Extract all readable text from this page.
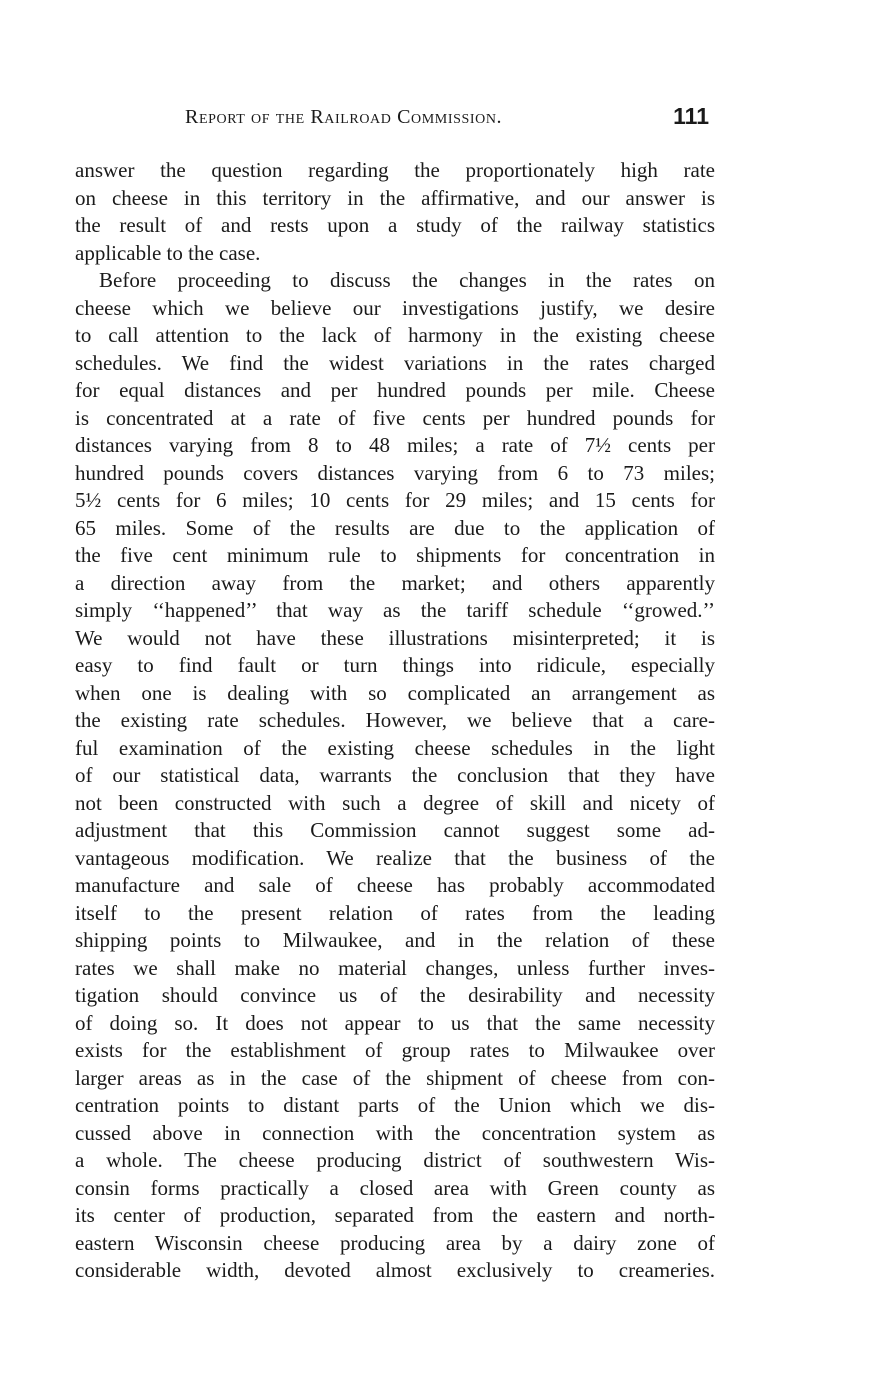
Report of the Railroad Commission.	111
answer the question regarding the proportionately high rate
on cheese in this territory in the affirmative, and our answer is
the result of and rests upon a study of the railway statistics
applicable to the case.
Before proceeding to discuss the changes in the rates on
cheese which we believe our investigations justify, we desire
to call attention to the lack of harmony in the existing cheese
schedules. We find the widest variations in the rates charged
for equal distances and per hundred pounds per mile. Cheese
is concentrated at a rate of five cents per hundred pounds for
distances varying from 8 to 48 miles; a rate of 7½ cents per
hundred pounds covers distances varying from 6 to 73 miles;
5½ cents for 6 miles; 10 cents for 29 miles; and 15 cents for
65 miles. Some of the results are due to the application of
the five cent minimum rule to shipments for concentration in
a direction away from the market; and others apparently
simply ‘‘happened’’ that way as the tariff schedule ‘‘growed.’’
We would not have these illustrations misinterpreted; it is
easy to find fault or turn things into ridicule, especially
when one is dealing with so complicated an arrangement as
the existing rate schedules. However, we believe that a care-
ful examination of the existing cheese schedules in the light
of our statistical data, warrants the conclusion that they have
not been constructed with such a degree of skill and nicety of
adjustment that this Commission cannot suggest some ad-
vantageous modification. We realize that the business of the
manufacture and sale of cheese has probably accommodated
itself to the present relation of rates from the leading
shipping points to Milwaukee, and in the relation of these
rates we shall make no material changes, unless further inves-
tigation should convince us of the desirability and necessity
of doing so. It does not appear to us that the same necessity
exists for the establishment of group rates to Milwaukee over
larger areas as in the case of the shipment of cheese from con-
centration points to distant parts of the Union which we dis-
cussed above in connection with the concentration system as
a whole. The cheese producing district of southwestern Wis-
consin forms practically a closed area with Green county as
its center of production, separated from the eastern and north-
eastern Wisconsin cheese producing area by a dairy zone of
considerable width, devoted almost exclusively to creameries.
